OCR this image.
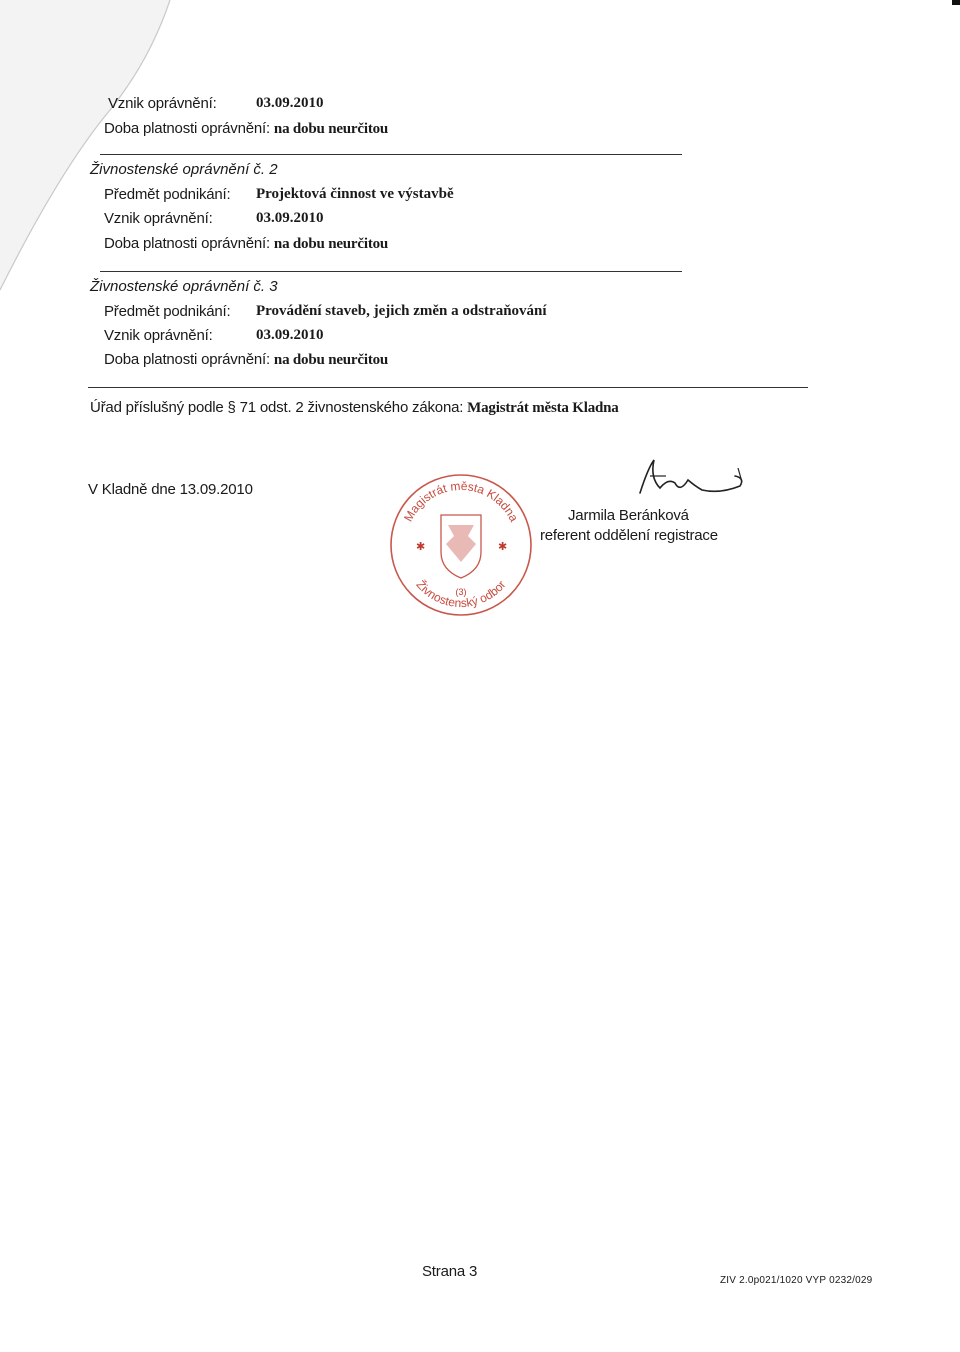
Vznik oprávnění:	03.09.2010
Doba platnosti oprávnění: na dobu neurčitou
Živnostenské oprávnění č. 2
Předmět podnikání: Projektová činnost ve výstavbě
Vznik oprávnění:	03.09.2010
Doba platnosti oprávnění: na dobu neurčitou
Živnostenské oprávnění č. 3
Předmět podnikání: Provádění staveb, jejich změn a odstraňování
Vznik oprávnění:	03.09.2010
Doba platnosti oprávnění: na dobu neurčitou
Úřad příslušný podle § 71 odst. 2 živnostenského zákona: Magistrát města Kladna
V Kladně dne 13.09.2010
Magistrát města Kladna
Živnostenský odbor
✱	✱
(3)
Jarmila Beránková
referent oddělení registrace
Strana 3
ZIV 2.0p021/1020 VYP 0232/029
